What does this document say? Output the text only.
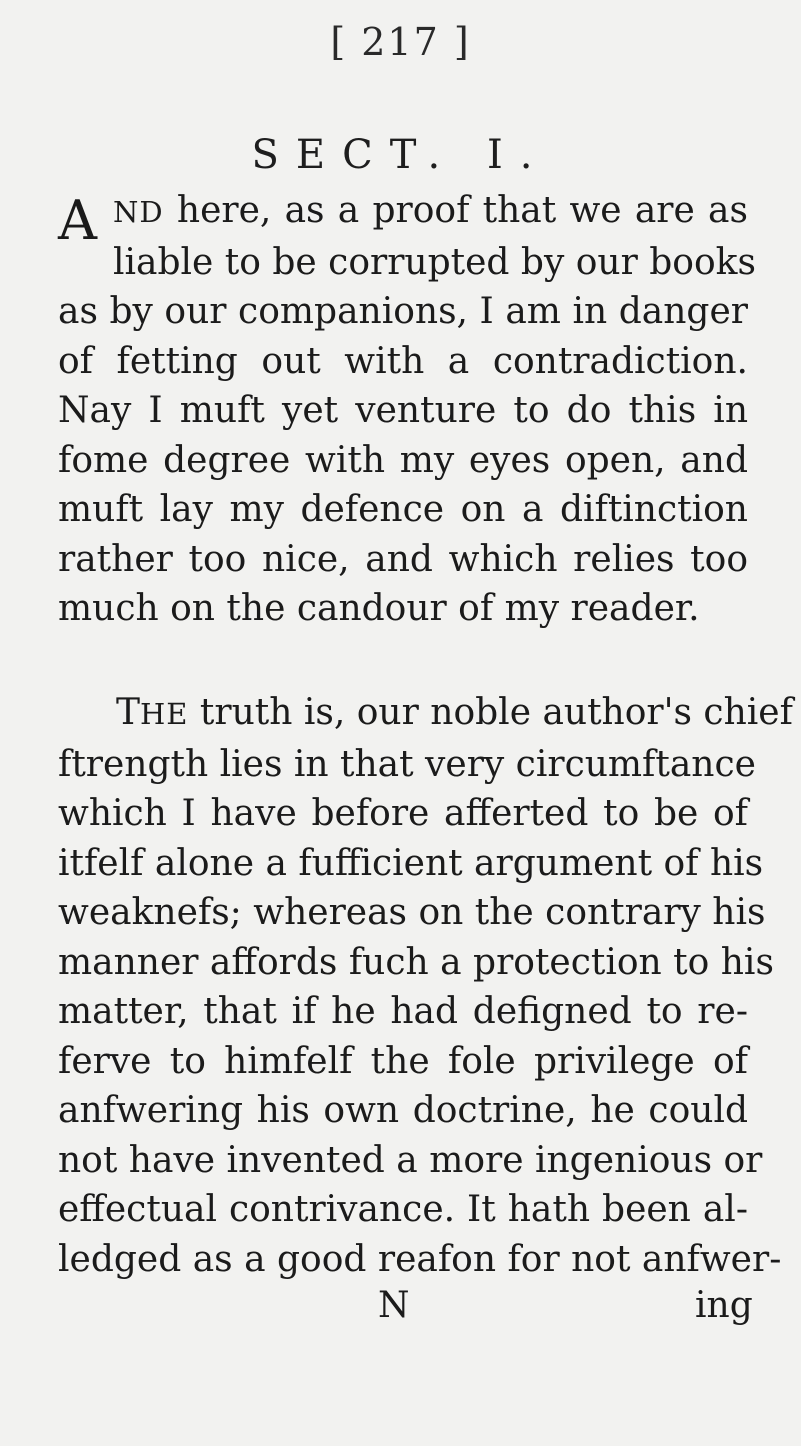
[ 217 ]
SECT. I.
A ND here, as a proof that we are as
liable to be corrupted by our books
as by our companions, I am in danger
of fetting out with a contradiction.
Nay I muft yet venture to do this in
fome degree with my eyes open, and
muft lay my defence on a diftinction
rather too nice, and which relies too
much on the candour of my reader.
THE truth is, our noble author's chief
ftrength lies in that very circumftance
which I have before afferted to be of
itfelf alone a fufficient argument of his
weaknefs; whereas on the contrary his
manner affords fuch a protection to his
matter, that if he had defigned to re-
ferve to himfelf the fole privilege of
anfwering his own doctrine, he could
not have invented a more ingenious or
effectual contrivance. It hath been al-
ledged as a good reafon for not anfwer-
N	ing
